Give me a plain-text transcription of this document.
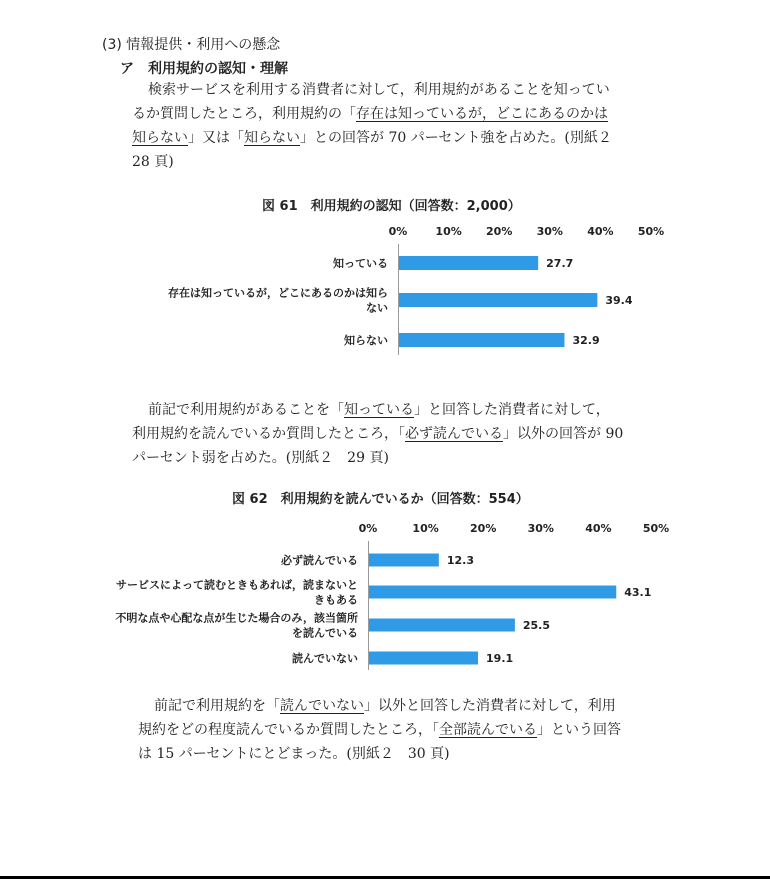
(3) 情報提供・利用への懸念
ア　利用規約の認知・理解
検索サービスを利用する消費者に対して，利用規約があることを知ってい
るか質問したところ，利用規約の「存在は知っているが，どこにあるのかは
知らない」又は「知らない」との回答が 70 パーセント強を占めた。(別紙２
28 頁)
図 61　利用規約の認知（回答数：2,000）
0%	10% 20% 30% 40% 50%
27.7
知っている
39.4
存在は知っているが，どこにあるのかは知ら
ない
32.9
知らない
前記で利用規約があることを「知っている」と回答した消費者に対して，
利用規約を読んでいるか質問したところ，「必ず読んでいる」以外の回答が 90
パーセント弱を占めた。(別紙２　29 頁)
図 62　利用規約を読んでいるか（回答数：554）
0%	10%	20%	30%	40%	50%
12.3
必ず読んでいる
43.1
サービスによって読むときもあれば，読まないと
きもある
25.5
不明な点や心配な点が生じた場合のみ，該当箇所
を読んでいる
19.1
読んでいない
前記で利用規約を「読んでいない」以外と回答した消費者に対して，利用
規約をどの程度読んでいるか質問したところ，「全部読んでいる」という回答
は 15 パーセントにとどまった。(別紙２　30 頁)
